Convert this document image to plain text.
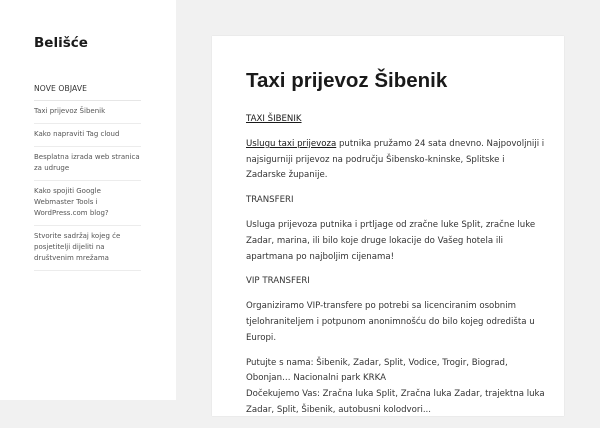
Belišće
NOVE OBJAVE
Taxi prijevoz Šibenik
Kako napraviti Tag cloud
Besplatna izrada web stranica za udruge
Kako spojiti Google Webmaster Tools i WordPress.com blog?
Stvorite sadržaj kojeg će posjetitelji dijeliti na društvenim mrežama
Taxi prijevoz Šibenik

TAXI ŠIBENIK

Uslugu taxi prijevoza putnika pružamo 24 sata dnevno. Najpovoljniji i najsigurniji prijevoz na području Šibensko-kninske, Splitske i Zadarske županije.

TRANSFERI

Usluga prijevoza putnika i prtljage od zračne luke Split, zračne luke Zadar, marina, ili bilo koje druge lokacije do Vašeg hotela ili apartmana po najboljim cijenama!

VIP TRANSFERI

Organiziramo VIP-transfere po potrebi sa licenciranim osobnim tjelohraniteljem i potpunom anonimnošću do bilo kojeg odredišta u Europi.

Putujte s nama: Šibenik, Zadar, Split, Vodice, Trogir, Biograd, Obonjan… Nacionalni park KRKA
Dočekujemo Vas: Zračna luka Split, Zračna luka Zadar, trajektna luka Zadar, Split, Šibenik, autobusni kolodvori...
